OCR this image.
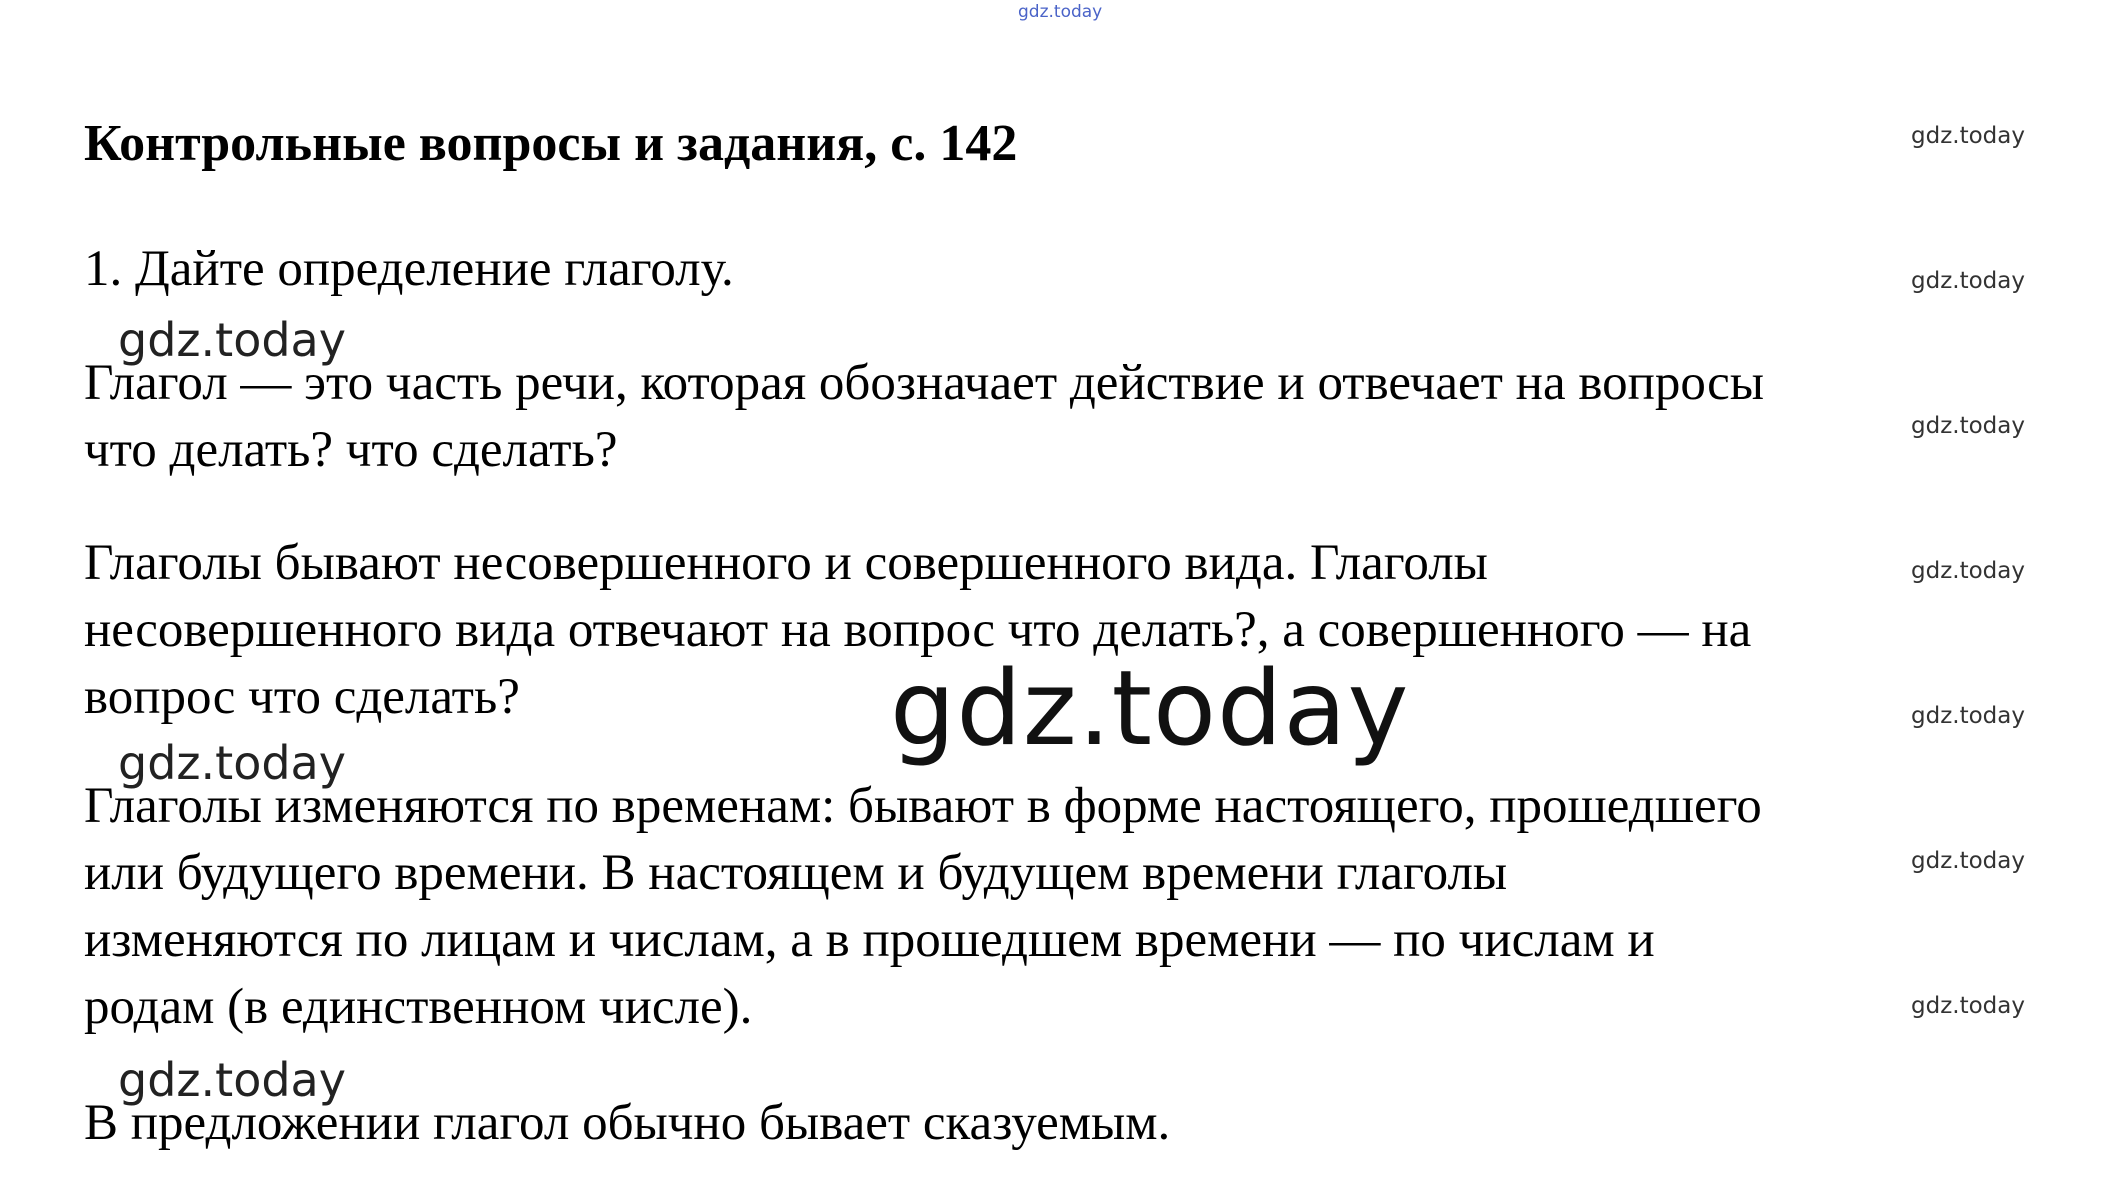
gdz.today
gdz.today
gdz.today
gdz.today
gdz.today
gdz.today
gdz.today
gdz.today
Контрольные вопросы и задания, с. 142
1. Дайте определение глаголу.
gdz.today
Глагол — это часть речи, которая обозначает действие и отвечает на вопросы
что делать? что сделать?
Глаголы бывают несовершенного и совершенного вида. Глаголы
несовершенного вида отвечают на вопрос что делать?, а совершенного — на
вопрос что сделать?	gdz.today
gdz.today
Глаголы изменяются по временам: бывают в форме настоящего, прошедшего
или будущего времени. В настоящем и будущем времени глаголы
изменяются по лицам и числам, а в прошедшем времени — по числам и
родам (в единственном числе).
gdz.today
В предложении глагол обычно бывает сказуемым.
